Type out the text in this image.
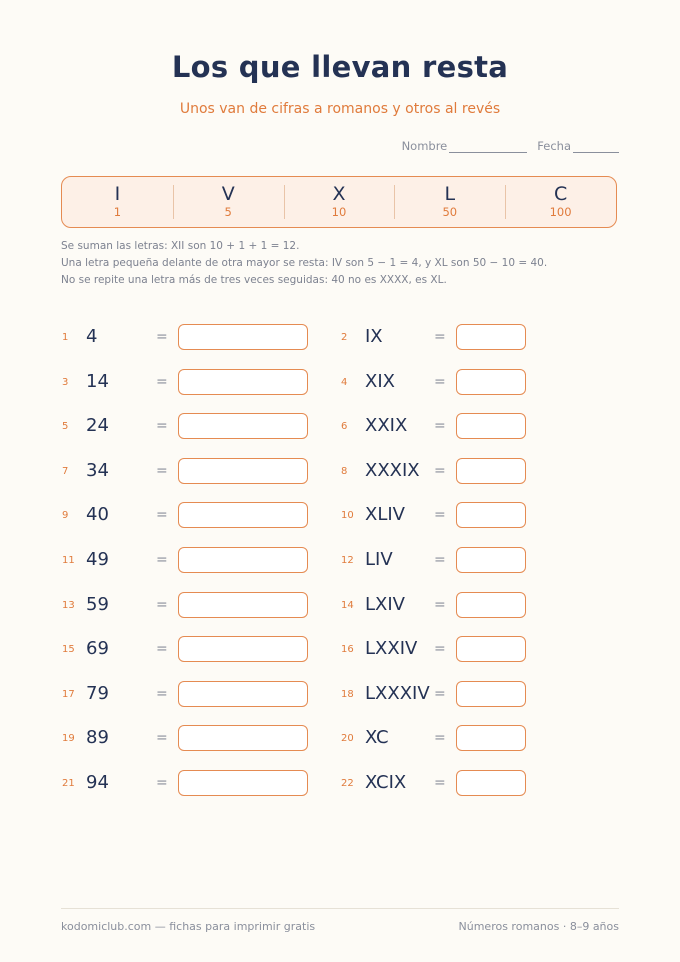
Los que llevan resta
Unos van de cifras a romanos y otros al revés
Nombre	Fecha
I
1
V
5
X
10
L
50
C
100
Se suman las letras: XII son 10 + 1 + 1 = 12.
Una letra pequeña delante de otra mayor se resta: IV son 5 − 1 = 4, y XL son 50 − 10 = 40.
No se repite una letra más de tres veces seguidas: 40 no es XXXX, es XL.
1 4	=
3 14	=
5 24	=
7 34	=
9 40	=
11 49	=
13 59	=
15 69	=
17 79	=
19 89	=
21 94	=
2 IX	=
4 XIX	=
6 XXIX =
8 XXXIX =
10 XLIV =
12 LIV	=
14 LXIV =
16 LXXIV =
18 LXXXIV =
20 XC	=
22 XCIX =
kodomiclub.com — fichas para imprimir gratis	Números romanos · 8–9 años
